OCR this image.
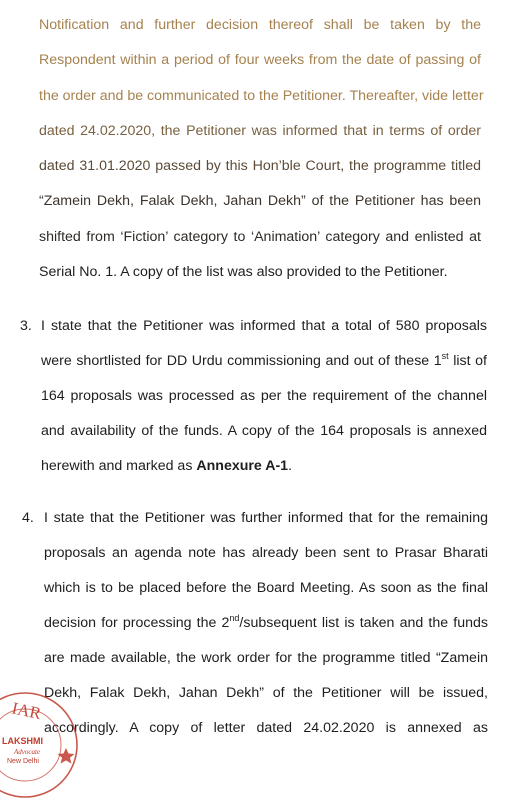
Notification and further decision thereof shall be taken by the
Respondent within a period of four weeks from the date of passing of
the order and be communicated to the Petitioner. Thereafter, vide letter
dated 24.02.2020, the Petitioner was informed that in terms of order
dated 31.01.2020 passed by this Hon’ble Court, the programme titled
“Zamein Dekh, Falak Dekh, Jahan Dekh” of the Petitioner has been
shifted from ‘Fiction’ category to ‘Animation’ category and enlisted at
Serial No. 1. A copy of the list was also provided to the Petitioner.
3. I state that the Petitioner was informed that a total of 580 proposals
were shortlisted for DD Urdu commissioning and out of these 1st list of
164 proposals was processed as per the requirement of the channel
and availability of the funds. A copy of the 164 proposals is annexed
herewith and marked as Annexure A-1.
4. I state that the Petitioner was further informed that for the remaining
proposals an agenda note has already been sent to Prasar Bharati
which is to be placed before the Board Meeting. As soon as the final
decision for processing the 2nd/subsequent list is taken and the funds
are made available, the work order for the programme titled “Zamein
Dekh, Falak Dekh, Jahan Dekh” of the Petitioner will be issued,
accordingly. A copy of letter dated 24.02.2020 is annexed as
IAR
LAKSHMI
Advocate
New Delhi
